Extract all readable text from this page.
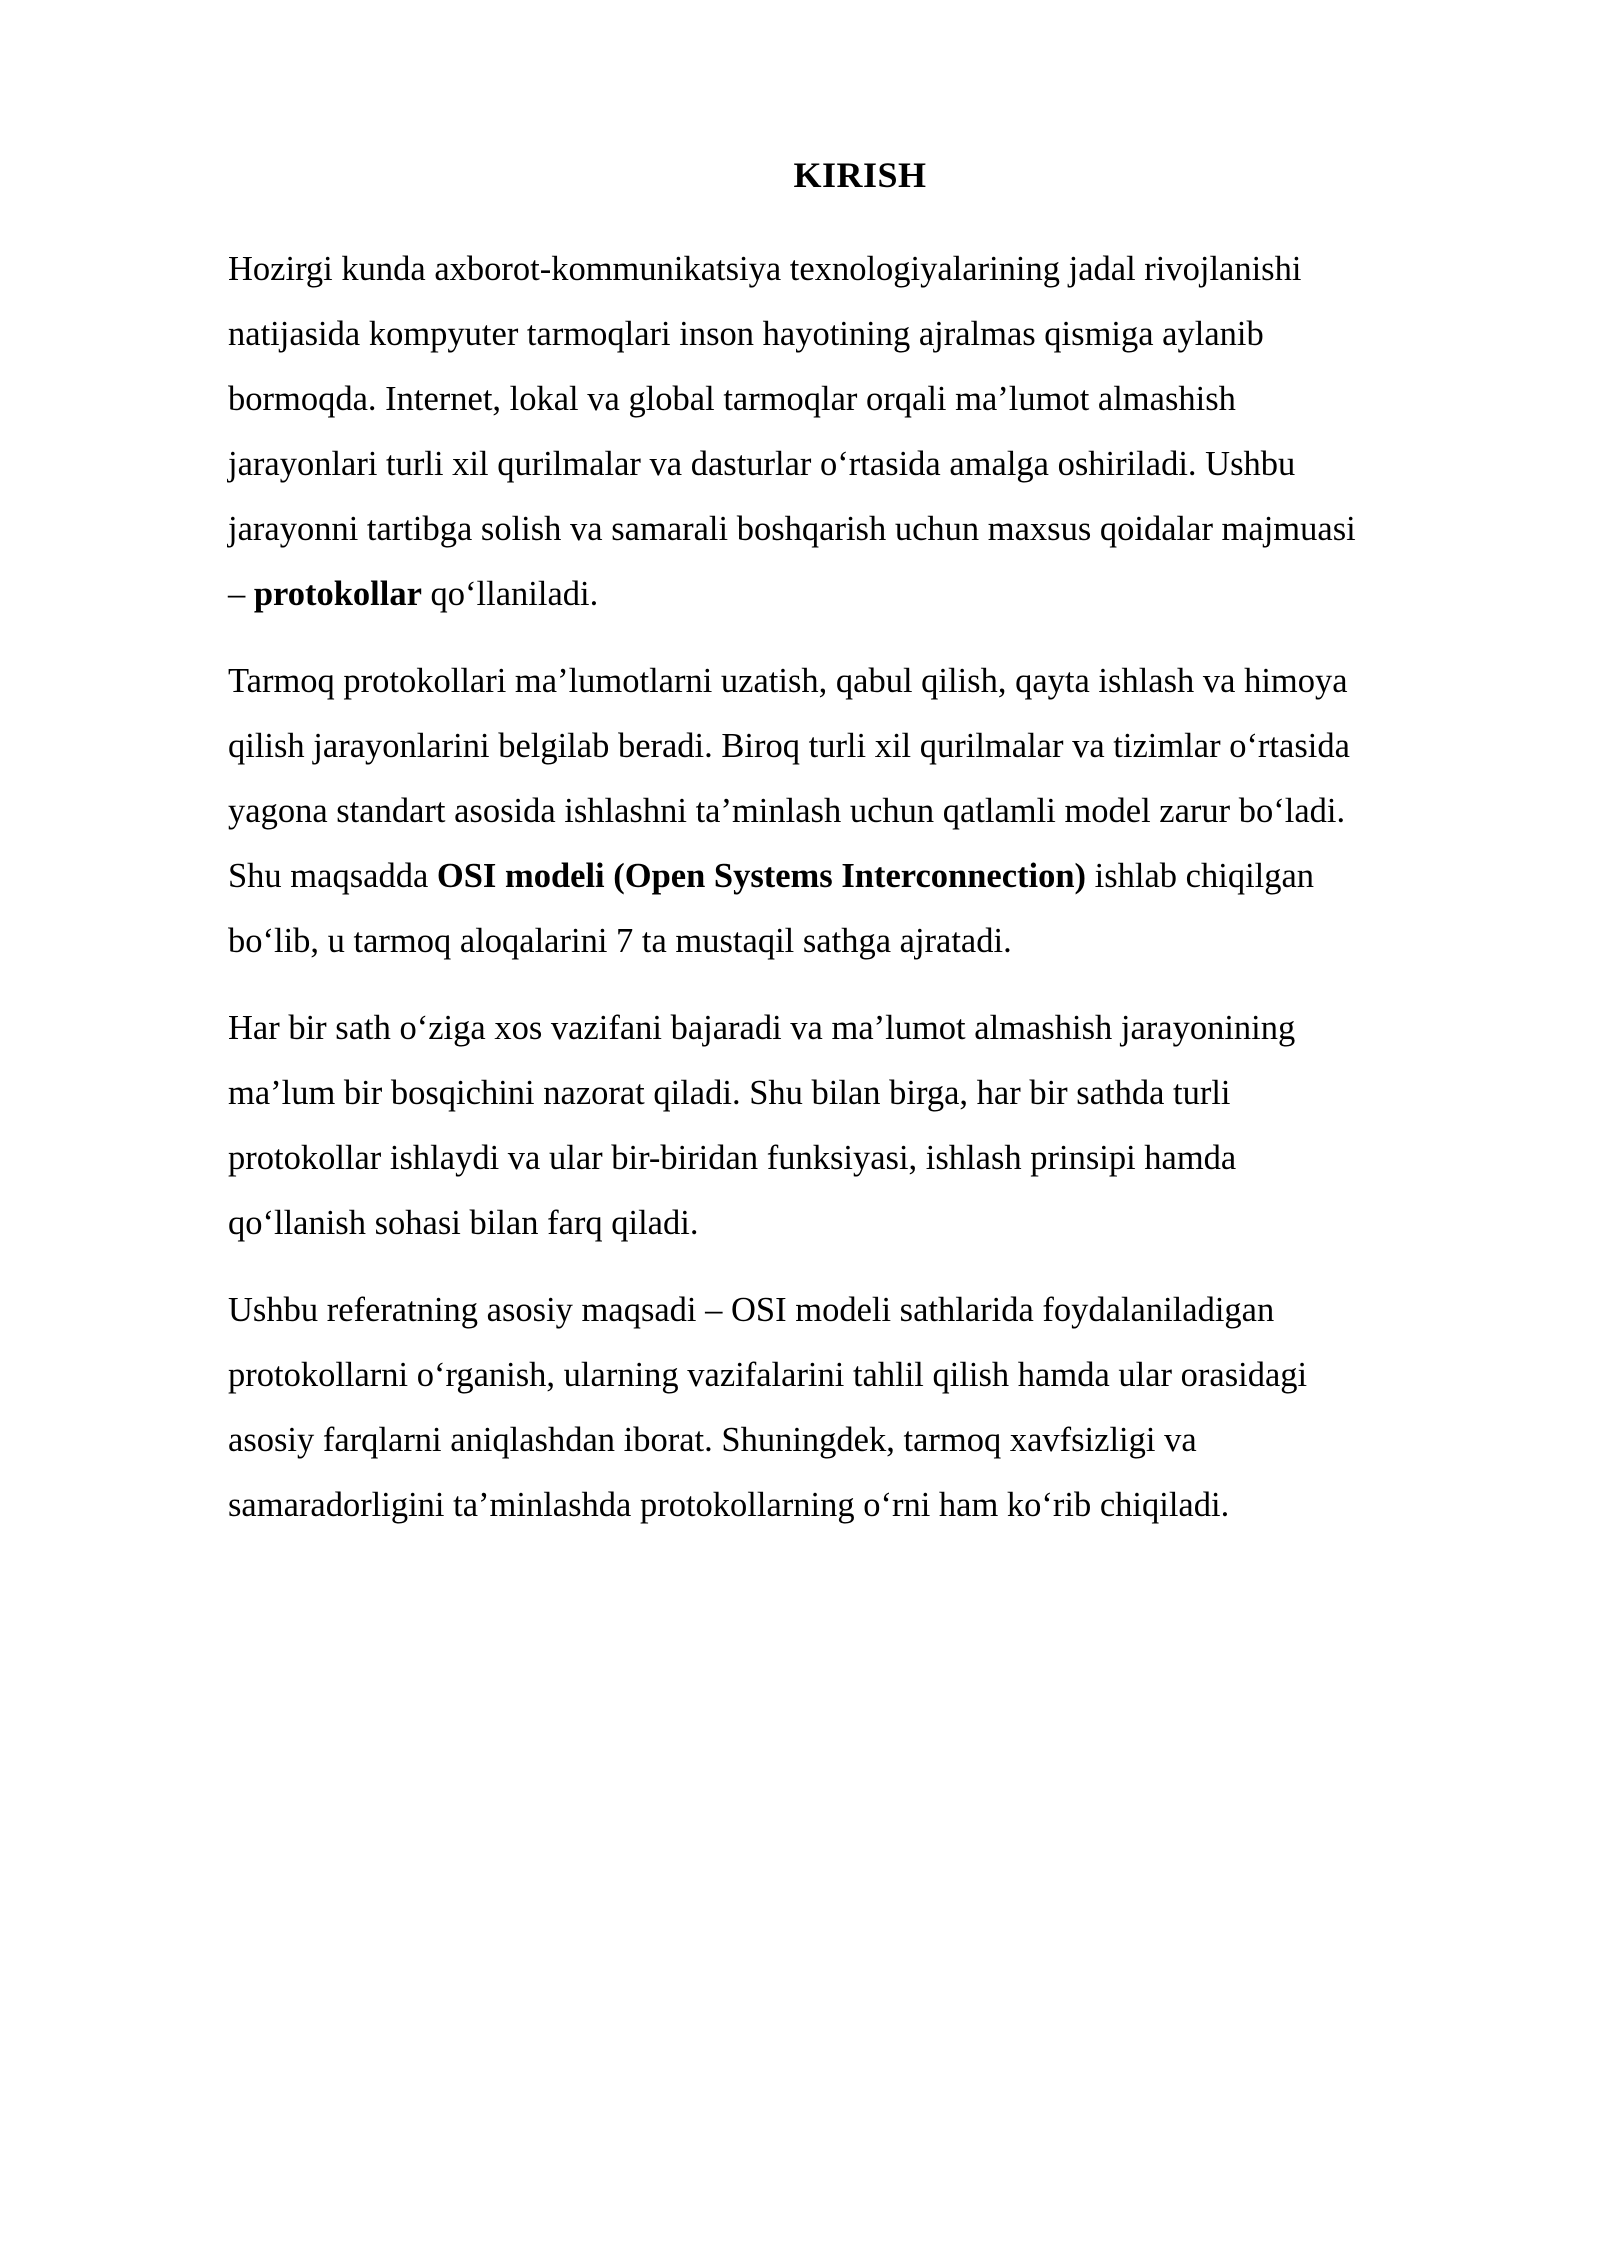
KIRISH

Hozirgi kunda axborot-kommunikatsiya texnologiyalarining jadal rivojlanishi
natijasida kompyuter tarmoqlari inson hayotining ajralmas qismiga aylanib
bormoqda. Internet, lokal va global tarmoqlar orqali ma’lumot almashish
jarayonlari turli xil qurilmalar va dasturlar o‘rtasida amalga oshiriladi. Ushbu
jarayonni tartibga solish va samarali boshqarish uchun maxsus qoidalar majmuasi
– protokollar qo‘llaniladi.

Tarmoq protokollari ma’lumotlarni uzatish, qabul qilish, qayta ishlash va himoya
qilish jarayonlarini belgilab beradi. Biroq turli xil qurilmalar va tizimlar o‘rtasida
yagona standart asosida ishlashni ta’minlash uchun qatlamli model zarur bo‘ladi.
Shu maqsadda OSI modeli (Open Systems Interconnection) ishlab chiqilgan
bo‘lib, u tarmoq aloqalarini 7 ta mustaqil sathga ajratadi.

Har bir sath o‘ziga xos vazifani bajaradi va ma’lumot almashish jarayonining
ma’lum bir bosqichini nazorat qiladi. Shu bilan birga, har bir sathda turli
protokollar ishlaydi va ular bir-biridan funksiyasi, ishlash prinsipi hamda
qo‘llanish sohasi bilan farq qiladi.

Ushbu referatning asosiy maqsadi – OSI modeli sathlarida foydalaniladigan
protokollarni o‘rganish, ularning vazifalarini tahlil qilish hamda ular orasidagi
asosiy farqlarni aniqlashdan iborat. Shuningdek, tarmoq xavfsizligi va
samaradorligini ta’minlashda protokollarning o‘rni ham ko‘rib chiqiladi.
